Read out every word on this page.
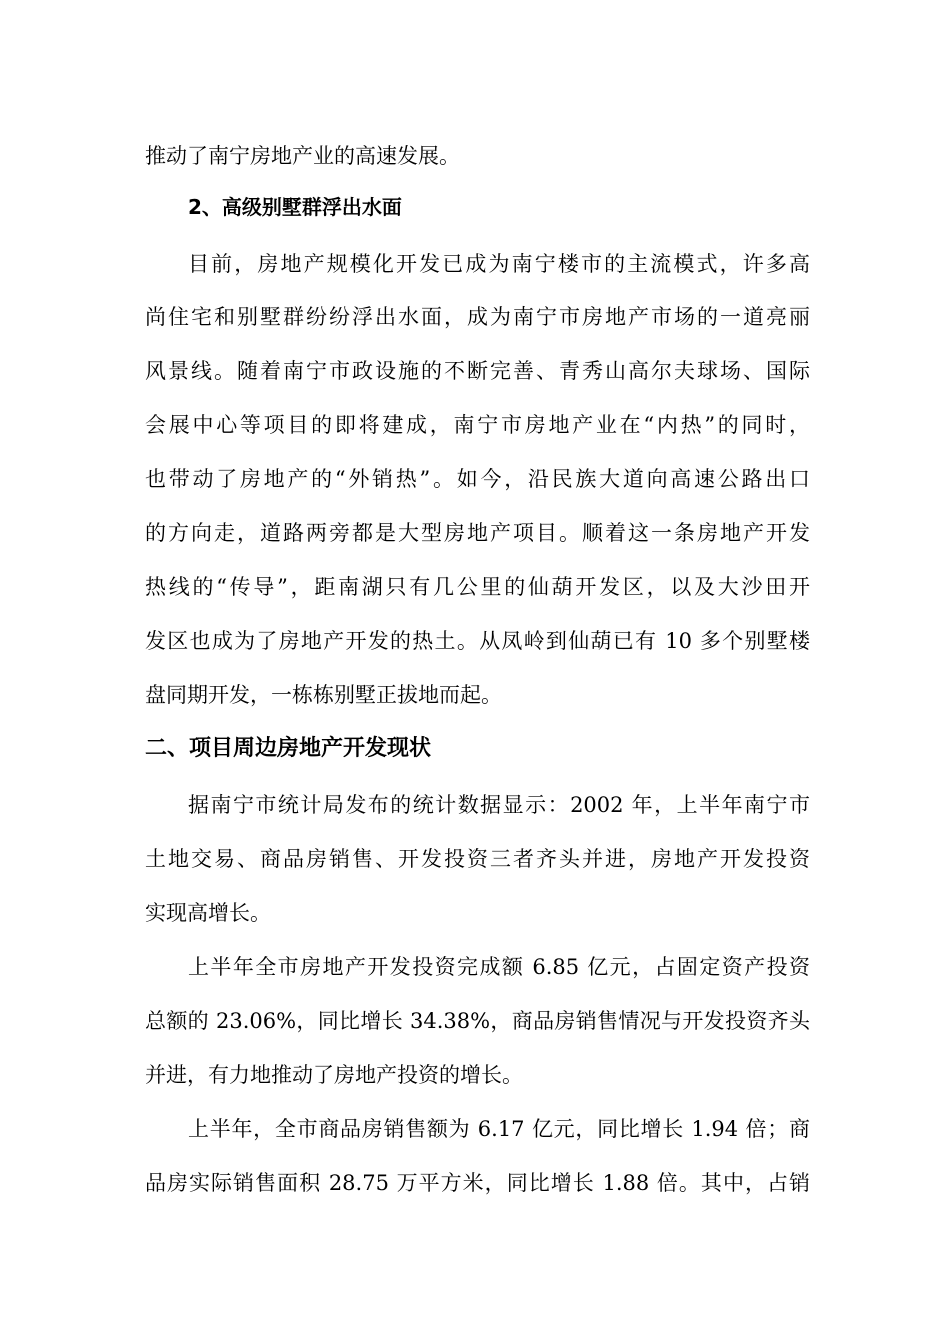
推动了南宁房地产业的高速发展。
2、高级别墅群浮出水面
目前，房地产规模化开发已成为南宁楼市的主流模式，许多高
尚住宅和别墅群纷纷浮出水面，成为南宁市房地产市场的一道亮丽
风景线。随着南宁市政设施的不断完善、青秀山高尔夫球场、国际
会展中心等项目的即将建成，南宁市房地产业在“内热”的同时，
也带动了房地产的“外销热”。如今，沿民族大道向高速公路出口
的方向走，道路两旁都是大型房地产项目。顺着这一条房地产开发
热线的“传导”，距南湖只有几公里的仙葫开发区，以及大沙田开
发区也成为了房地产开发的热土。从凤岭到仙葫已有 10 多个别墅楼
盘同期开发，一栋栋别墅正拔地而起。
二、项目周边房地产开发现状
据南宁市统计局发布的统计数据显示：2002 年，上半年南宁市
土地交易、商品房销售、开发投资三者齐头并进，房地产开发投资
实现高增长。
上半年全市房地产开发投资完成额 6.85 亿元，占固定资产投资
总额的 23.06%，同比增长 34.38%，商品房销售情况与开发投资齐头
并进，有力地推动了房地产投资的增长。
上半年，全市商品房销售额为 6.17 亿元，同比增长 1.94 倍；商
品房实际销售面积 28.75 万平方米，同比增长 1.88 倍。其中，占销
